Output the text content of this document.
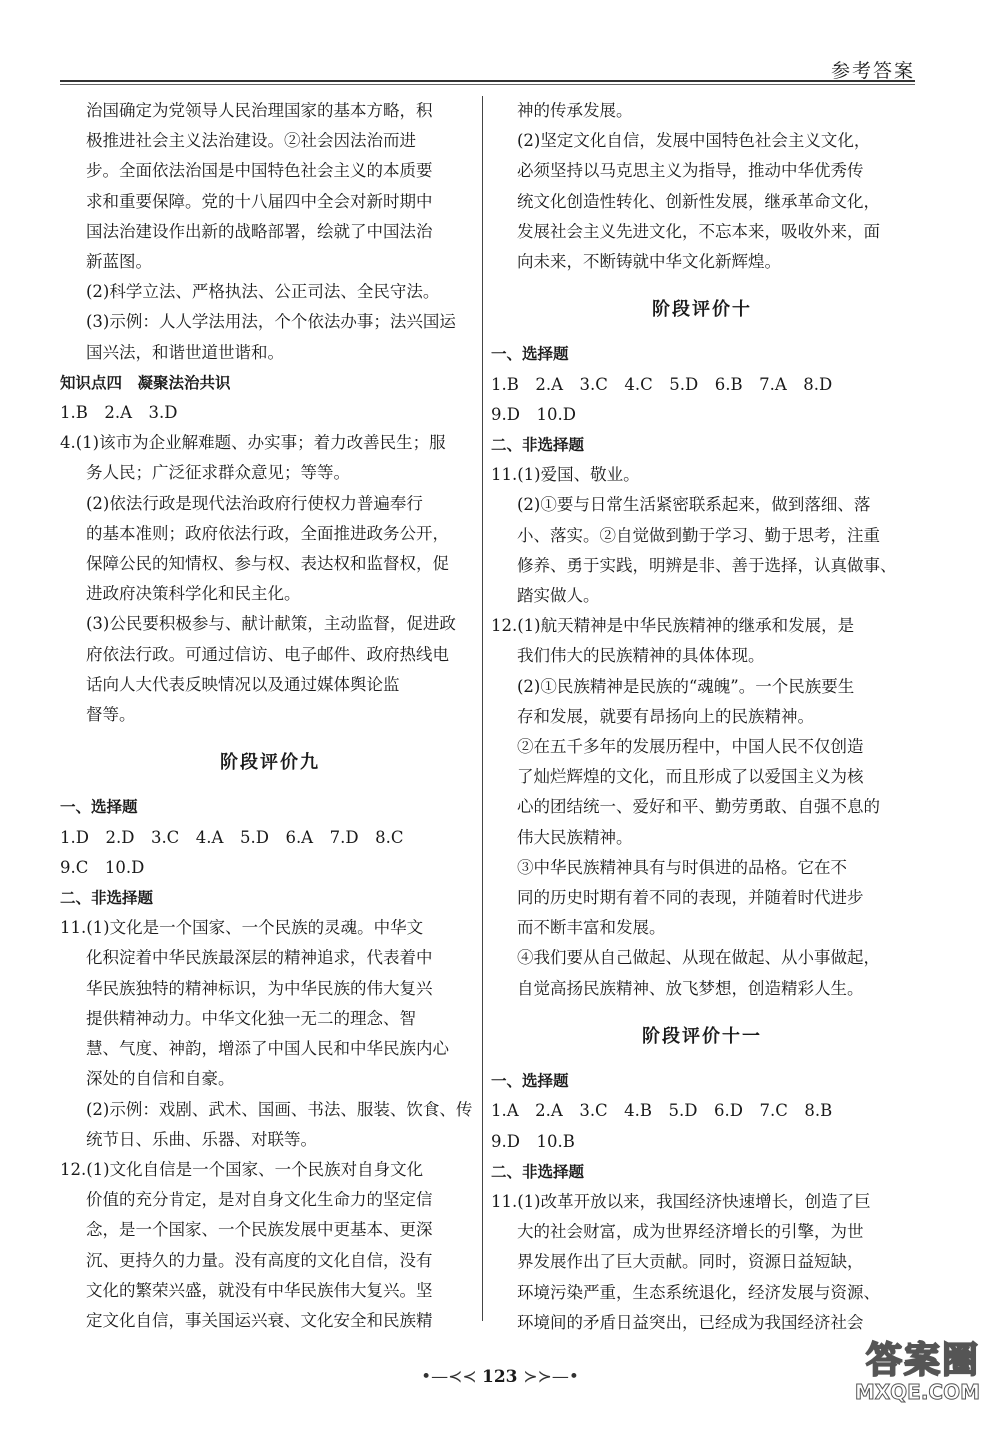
参考答案
治国确定为党领导人民治理国家的基本方略，积
极推进社会主义法治建设。②社会因法治而进
步。全面依法治国是中国特色社会主义的本质要
求和重要保障。党的十八届四中全会对新时期中
国法治建设作出新的战略部署，绘就了中国法治
新蓝图。
(2)科学立法、严格执法、公正司法、全民守法。
(3)示例：人人学法用法，个个依法办事；法兴国运
国兴法，和谐世道世谐和。
知识点四　凝聚法治共识
1.B　2.A　3.D
4.(1)该市为企业解难题、办实事；着力改善民生；服
务人民；广泛征求群众意见；等等。
(2)依法行政是现代法治政府行使权力普遍奉行
的基本准则；政府依法行政，全面推进政务公开，
保障公民的知情权、参与权、表达权和监督权，促
进政府决策科学化和民主化。
(3)公民要积极参与、献计献策，主动监督，促进政
府依法行政。可通过信访、电子邮件、政府热线电
话向人大代表反映情况以及通过媒体舆论监
督等。
阶段评价九
一、选择题
1.D　2.D　3.C　4.A　5.D　6.A　7.D　8.C
9.C　10.D
二、非选择题
11.(1)文化是一个国家、一个民族的灵魂。中华文
化积淀着中华民族最深层的精神追求，代表着中
华民族独特的精神标识，为中华民族的伟大复兴
提供精神动力。中华文化独一无二的理念、智
慧、气度、神韵，增添了中国人民和中华民族内心
深处的自信和自豪。
(2)示例：戏剧、武术、国画、书法、服装、饮食、传
统节日、乐曲、乐器、对联等。
12.(1)文化自信是一个国家、一个民族对自身文化
价值的充分肯定，是对自身文化生命力的坚定信
念，是一个国家、一个民族发展中更基本、更深
沉、更持久的力量。没有高度的文化自信，没有
文化的繁荣兴盛，就没有中华民族伟大复兴。坚
定文化自信，事关国运兴衰、文化安全和民族精
神的传承发展。
(2)坚定文化自信，发展中国特色社会主义文化，
必须坚持以马克思主义为指导，推动中华优秀传
统文化创造性转化、创新性发展，继承革命文化，
发展社会主义先进文化，不忘本来，吸收外来，面
向未来，不断铸就中华文化新辉煌。
阶段评价十
一、选择题
1.B　2.A　3.C　4.C　5.D　6.B　7.A　8.D
9.D　10.D
二、非选择题
11.(1)爱国、敬业。
(2)①要与日常生活紧密联系起来，做到落细、落
小、落实。②自觉做到勤于学习、勤于思考，注重
修养、勇于实践，明辨是非、善于选择，认真做事、
踏实做人。
12.(1)航天精神是中华民族精神的继承和发展，是
我们伟大的民族精神的具体体现。
(2)①民族精神是民族的“魂魄”。一个民族要生
存和发展，就要有昂扬向上的民族精神。
②在五千多年的发展历程中，中国人民不仅创造
了灿烂辉煌的文化，而且形成了以爱国主义为核
心的团结统一、爱好和平、勤劳勇敢、自强不息的
伟大民族精神。
③中华民族精神具有与时俱进的品格。它在不
同的历史时期有着不同的表现，并随着时代进步
而不断丰富和发展。
④我们要从自己做起、从现在做起、从小事做起，
自觉高扬民族精神、放飞梦想，创造精彩人生。
阶段评价十一
一、选择题
1.A　2.A　3.C　4.B　5.D　6.D　7.C　8.B
9.D　10.B
二、非选择题
11.(1)改革开放以来，我国经济快速增长，创造了巨
大的社会财富，成为世界经济增长的引擎，为世
界发展作出了巨大贡献。同时，资源日益短缺，
环境污染严重，生态系统退化，经济发展与资源、
环境间的矛盾日益突出，已经成为我国经济社会
•—≺≺ 123 ≻≻—•	答案圈
MXQE.COM
